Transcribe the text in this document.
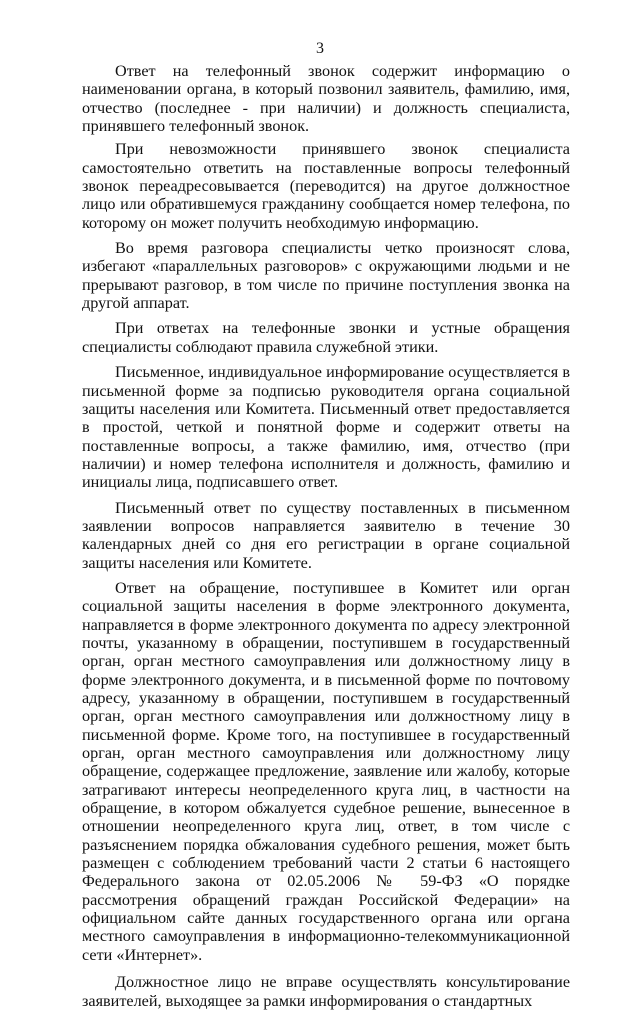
3

Ответ на телефонный звонок содержит информацию о наименовании органа, в который позвонил заявитель, фамилию, имя, отчество (последнее - при наличии) и должность специалиста, принявшего телефонный звонок.

При невозможности принявшего звонок специалиста самостоятельно ответить на поставленные вопросы телефонный звонок переадресовывается (переводится) на другое должностное лицо или обратившемуся гражданину сообщается номер телефона, по которому он может получить необходимую информацию.

Во время разговора специалисты четко произносят слова, избегают «параллельных разговоров» с окружающими людьми и не прерывают разговор, в том числе по причине поступления звонка на другой аппарат.

При ответах на телефонные звонки и устные обращения специалисты соблюдают правила служебной этики.

Письменное, индивидуальное информирование осуществляется в письменной форме за подписью руководителя органа социальной защиты населения или Комитета. Письменный ответ предоставляется в простой, четкой и понятной форме и содержит ответы на поставленные вопросы, а также фамилию, имя, отчество (при наличии) и номер телефона исполнителя и должность, фамилию и инициалы лица, подписавшего ответ.

Письменный ответ по существу поставленных в письменном заявлении вопросов направляется заявителю в течение 30 календарных дней со дня его регистрации в органе социальной защиты населения или Комитете.

Ответ на обращение, поступившее в Комитет или орган социальной защиты населения в форме электронного документа, направляется в форме электронного документа по адресу электронной почты, указанному в обращении, поступившем в государственный орган, орган местного самоуправления или должностному лицу в форме электронного документа, и в письменной форме по почтовому адресу, указанному в обращении, поступившем в государственный орган, орган местного самоуправления или должностному лицу в письменной форме. Кроме того, на поступившее в государственный орган, орган местного самоуправления или должностному лицу обращение, содержащее предложение, заявление или жалобу, которые затрагивают интересы неопределенного круга лиц, в частности на обращение, в котором обжалуется судебное решение, вынесенное в отношении неопределенного круга лиц, ответ, в том числе с разъяснением порядка обжалования судебного решения, может быть размещен с соблюдением требований части 2 статьи 6 настоящего Федерального закона от 02.05.2006 № 59-ФЗ «О порядке рассмотрения обращений граждан Российской Федерации» на официальном сайте данных государственного органа или органа местного самоуправления в информационно-телекоммуникационной сети «Интернет».

Должностное лицо не вправе осуществлять консультирование заявителей, выходящее за рамки информирования о стандартных
